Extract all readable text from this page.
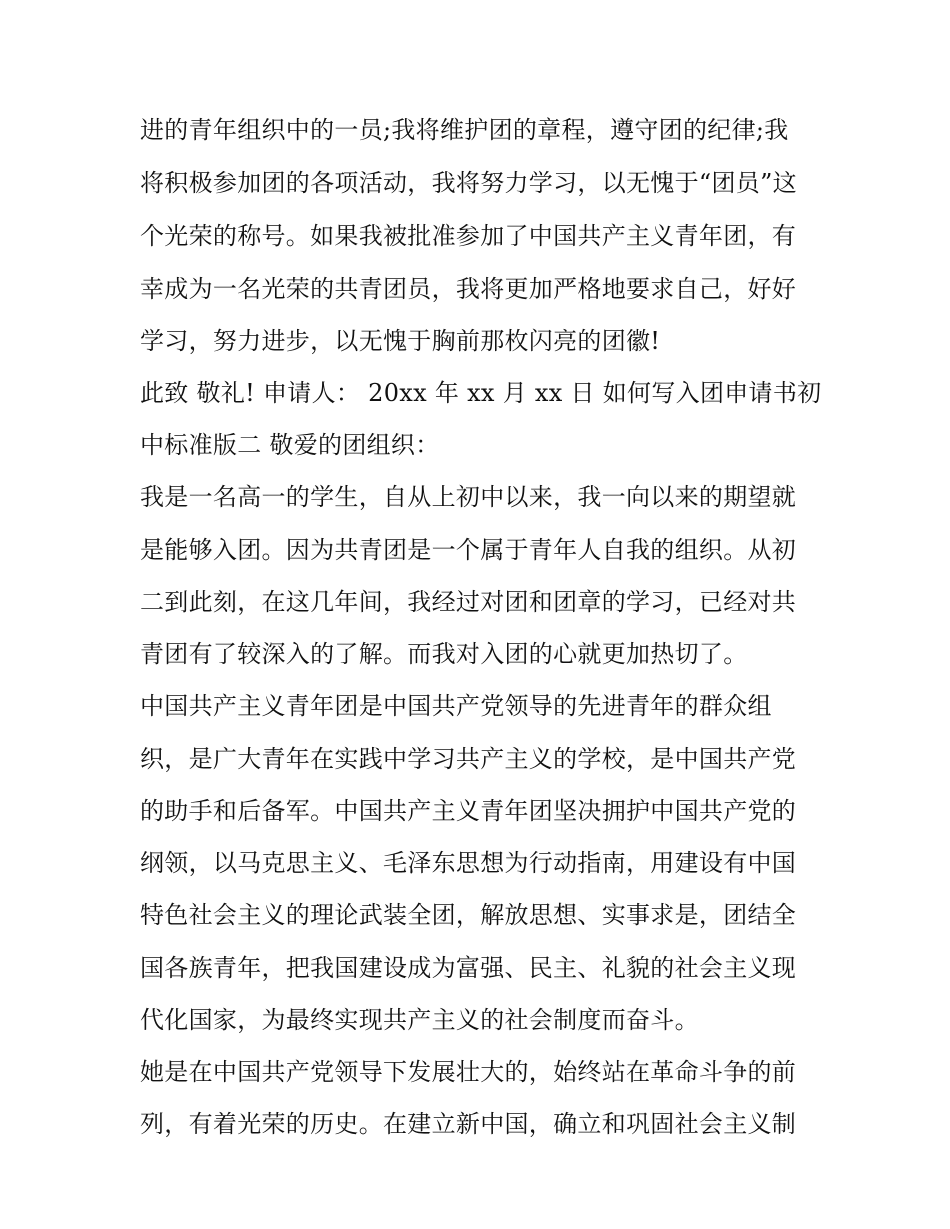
进的青年组织中的一员;我将维护团的章程，遵守团的纪律;我
将积极参加团的各项活动，我将努力学习，以无愧于“团员”这
个光荣的称号。如果我被批准参加了中国共产主义青年团，有
幸成为一名光荣的共青团员，我将更加严格地要求自己，好好
学习，努力进步，以无愧于胸前那枚闪亮的团徽!
此致 敬礼! 申请人： 20xx 年 xx 月 xx 日 如何写入团申请书初
中标准版二 敬爱的团组织：
我是一名高一的学生，自从上初中以来，我一向以来的期望就
是能够入团。因为共青团是一个属于青年人自我的组织。从初
二到此刻，在这几年间，我经过对团和团章的学习，已经对共
青团有了较深入的了解。而我对入团的心就更加热切了。
中国共产主义青年团是中国共产党领导的先进青年的群众组
织，是广大青年在实践中学习共产主义的学校，是中国共产党
的助手和后备军。中国共产主义青年团坚决拥护中国共产党的
纲领，以马克思主义、毛泽东思想为行动指南，用建设有中国
特色社会主义的理论武装全团，解放思想、实事求是，团结全
国各族青年，把我国建设成为富强、民主、礼貌的社会主义现
代化国家，为最终实现共产主义的社会制度而奋斗。
她是在中国共产党领导下发展壮大的，始终站在革命斗争的前
列，有着光荣的历史。在建立新中国，确立和巩固社会主义制
